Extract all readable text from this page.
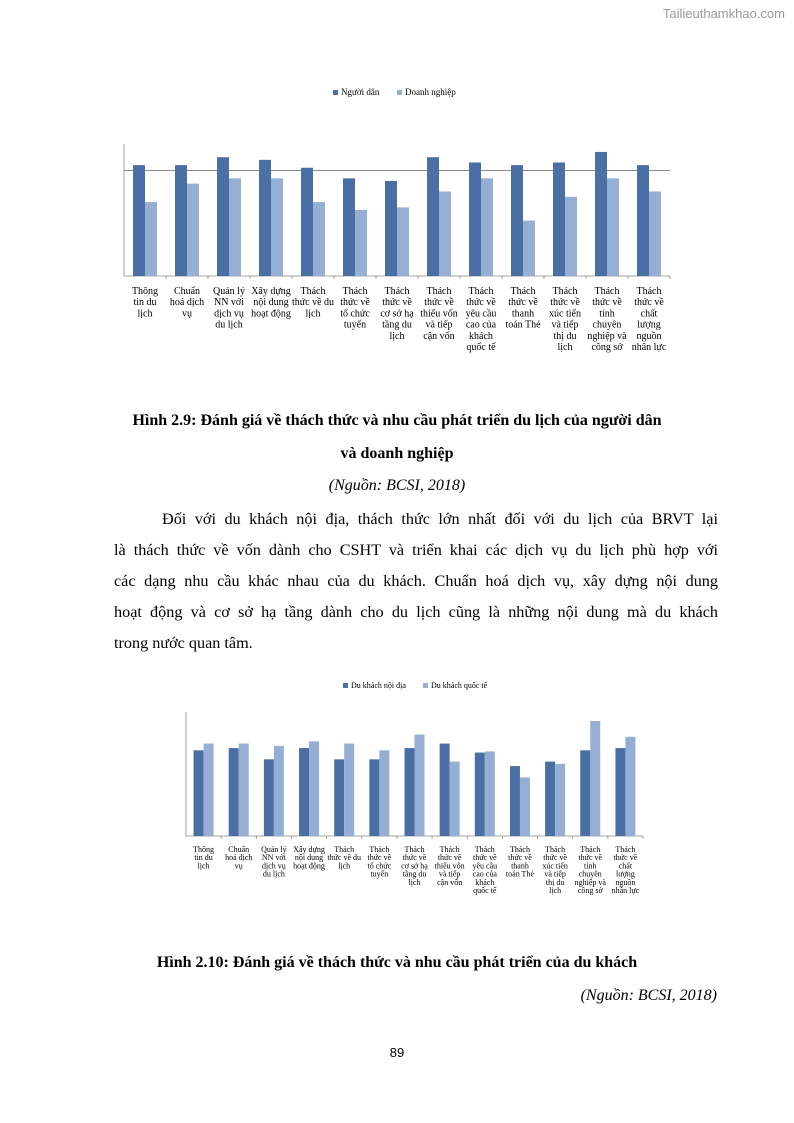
Tailieuthamkhao.com
Người dân	Doanh nghiệp
Thông tin du lịch
Chuẩn hoá dịch vụ
Quản lý NN với dịch vụ du lịch
Xây dựng nội dung hoạt động
Thách thức về du lịch
Thách thức về tổ chức tuyến
Thách thức về cơ sở hạ tầng du lịch
Thách thức về thiếu vốn và tiếp cận vốn
Thách thức về yêu cầu cao của khách quốc tế
Thách thức về thanh toán Thẻ
Thách thức về xúc tiến và tiếp thị du lịch
Thách thức về tính chuyên nghiệp và công sở
Thách thức về chất lượng nguồn nhân lực
Hình 2.9: Đánh giá về thách thức và nhu cầu phát triển du lịch của người dân
và doanh nghiệp
(Nguồn: BCSI, 2018)
Đối với du khách nội địa, thách thức lớn nhất đối với du lịch của BRVT lại
là thách thức về vốn dành cho CSHT và triển khai các dịch vụ du lịch phù hợp với
các dạng nhu cầu khác nhau của du khách. Chuẩn hoá dịch vụ, xây dựng nội dung
hoạt động và cơ sở hạ tầng dành cho du lịch cũng là những nội dung mà du khách
trong nước quan tâm.
Du khách nội địa	Du khách quốc tế
Thông tin du lịch
Chuẩn hoá dịch vụ
Quản lý NN với dịch vụ du lịch
Xây dựng nội dung hoạt động
Thách thức về du lịch
Thách thức về tổ chức tuyến
Thách thức về cơ sở hạ tầng du lịch
Thách thức về thiếu vốn và tiếp cận vốn
Thách thức về yêu cầu cao của khách quốc tế
Thách thức về thanh toán Thẻ
Thách thức về xúc tiến và tiếp thị du lịch
Thách thức về tính chuyên nghiệp và công sở
Thách thức về chất lượng nguồn nhân lực
Hình 2.10: Đánh giá về thách thức và nhu cầu phát triển của du khách
(Nguồn: BCSI, 2018)
89
